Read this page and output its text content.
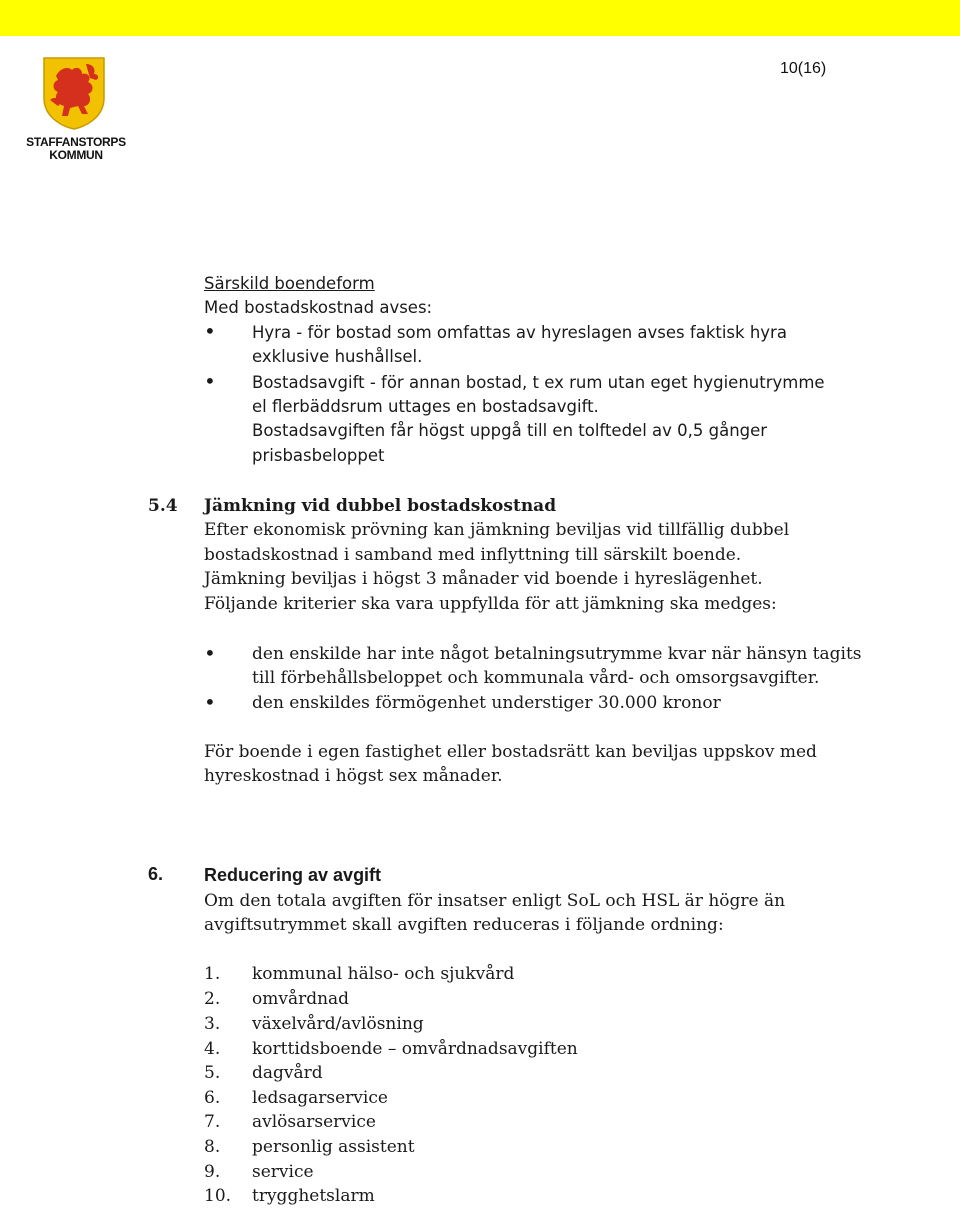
10(16)
STAFFANSTORPS
KOMMUN
Särskild boendeform
Med bostadskostnad avses:
• Hyra - för bostad som omfattas av hyreslagen avses faktisk hyra
exklusive hushållsel.
• Bostadsavgift - för annan bostad, t ex rum utan eget hygienutrymme
el flerbäddsrum uttages en bostadsavgift.
Bostadsavgiften får högst uppgå till en tolftedel av 0,5 gånger
prisbasbeloppet
5.4 Jämkning vid dubbel bostadskostnad
Efter ekonomisk prövning kan jämkning beviljas vid tillfällig dubbel
bostadskostnad i samband med inflyttning till särskilt boende.
Jämkning beviljas i högst 3 månader vid boende i hyreslägenhet.
Följande kriterier ska vara uppfyllda för att jämkning ska medges:
• den enskilde har inte något betalningsutrymme kvar när hänsyn tagits
till förbehållsbeloppet och kommunala vård- och omsorgsavgifter.
• den enskildes förmögenhet understiger 30.000 kronor
För boende i egen fastighet eller bostadsrätt kan beviljas uppskov med
hyreskostnad i högst sex månader.
6. Reducering av avgift
Om den totala avgiften för insatser enligt SoL och HSL är högre än
avgiftsutrymmet skall avgiften reduceras i följande ordning:
1. kommunal hälso- och sjukvård
2. omvårdnad
3. växelvård/avlösning
4. korttidsboende – omvårdnadsavgiften
5. dagvård
6. ledsagarservice
7. avlösarservice
8. personlig assistent
9. service
10. trygghetslarm
